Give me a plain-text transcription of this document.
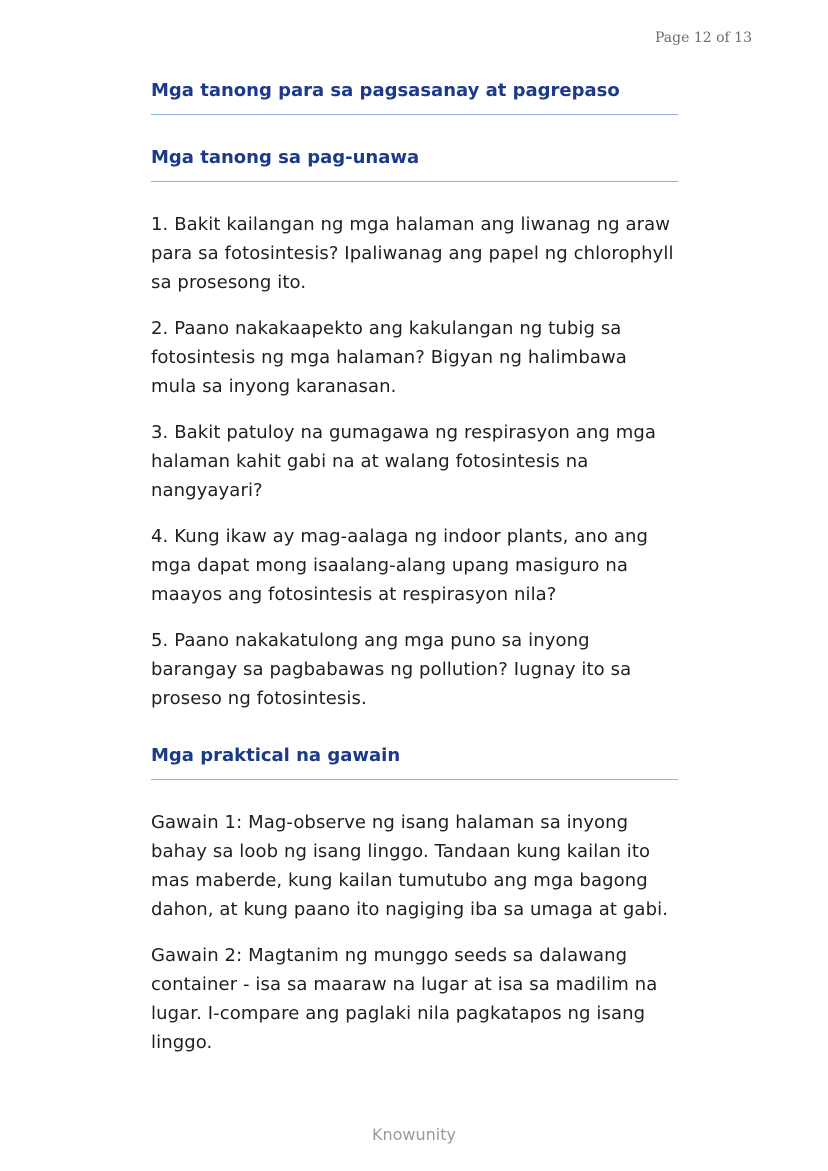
Page 12 of 13
Mga tanong para sa pagsasanay at pagrepaso
Mga tanong sa pag-unawa

1. Bakit kailangan ng mga halaman ang liwanag ng araw para sa fotosintesis? Ipaliwanag ang papel ng chlorophyll sa prosesong ito.

2. Paano nakakaapekto ang kakulangan ng tubig sa fotosintesis ng mga halaman? Bigyan ng halimbawa mula sa inyong karanasan.

3. Bakit patuloy na gumagawa ng respirasyon ang mga halaman kahit gabi na at walang fotosintesis na nangyayari?

4. Kung ikaw ay mag-aalaga ng indoor plants, ano ang mga dapat mong isaalang-alang upang masiguro na maayos ang fotosintesis at respirasyon nila?

5. Paano nakakatulong ang mga puno sa inyong barangay sa pagbabawas ng pollution? Iugnay ito sa proseso ng fotosintesis.

Mga praktical na gawain

Gawain 1: Mag-observe ng isang halaman sa inyong bahay sa loob ng isang linggo. Tandaan kung kailan ito mas maberde, kung kailan tumutubo ang mga bagong dahon, at kung paano ito nagiging iba sa umaga at gabi.

Gawain 2: Magtanim ng munggo seeds sa dalawang container - isa sa maaraw na lugar at isa sa madilim na lugar. I-compare ang paglaki nila pagkatapos ng isang linggo.

Knowunity
